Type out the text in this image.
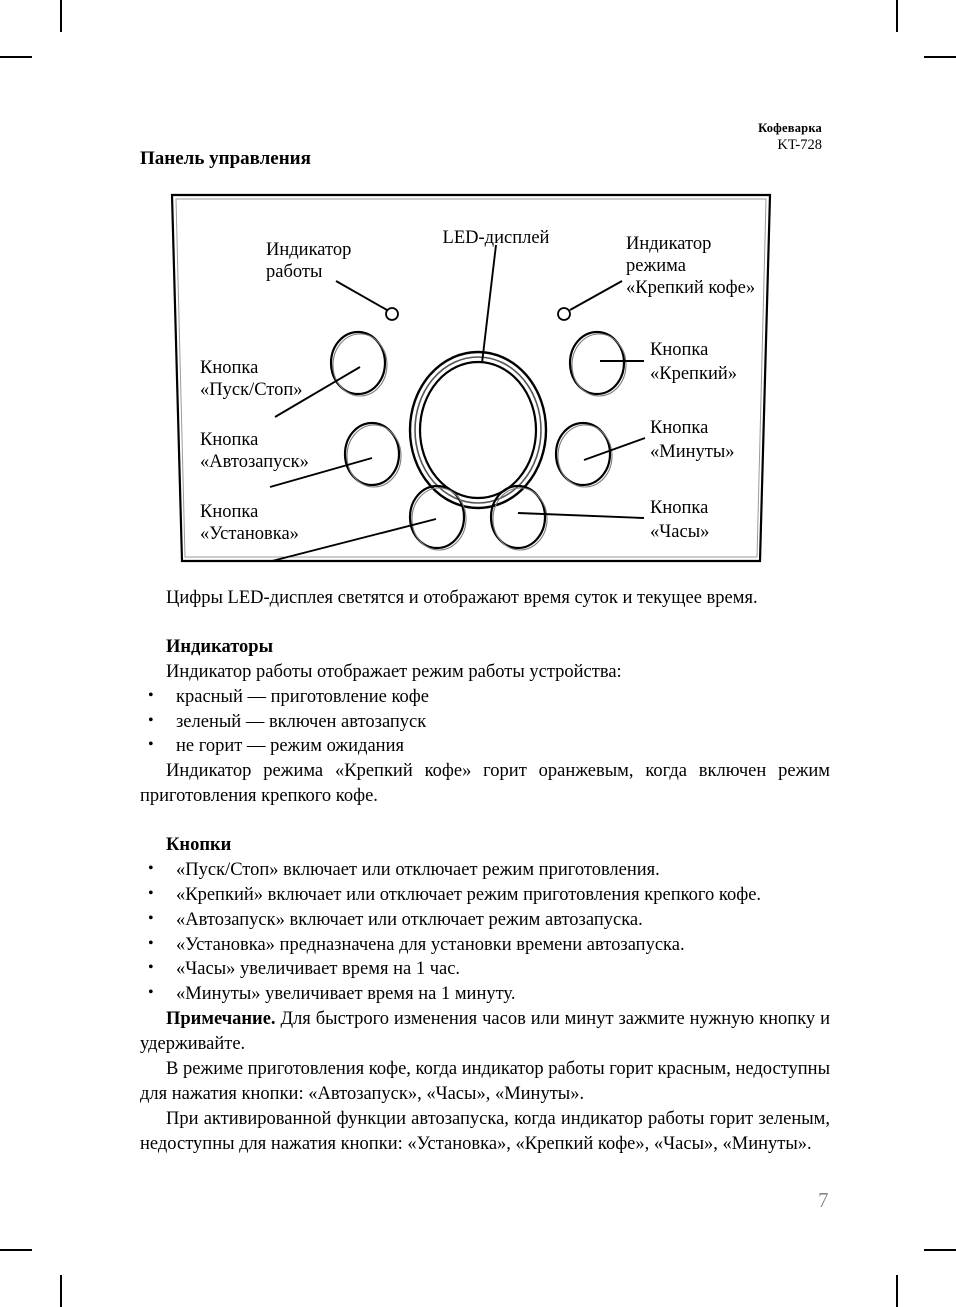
Кофеварка
KT-728
Панель управления
LED-дисплей
Индикатор
работы
Индикатор
режима
«Крепкий кофе»
Кнопка
«Пуск/Стоп»
Кнопка
«Автозапуск»
Кнопка
«Установка»
Кнопка
«Крепкий»
Кнопка
«Минуты»
Кнопка
«Часы»

Цифры LED-дисплея светятся и отображают время суток и текущее время.

Индикаторы

Индикатор работы отображает режим работы устройства:

• красный — приготовление кофе
• зеленый — включен автозапуск
• не горит — режим ожидания

Индикатор режима «Крепкий кофе» горит оранжевым, когда включен режим приготовления крепкого кофе.

Кнопки

• «Пуск/Стоп» включает или отключает режим приготовления.
• «Крепкий» включает или отключает режим приготовления крепкого кофе.
• «Автозапуск» включает или отключает режим автозапуска.
• «Установка» предназначена для установки времени автозапуска.
• «Часы» увеличивает время на 1 час.
• «Минуты» увеличивает время на 1 минуту.

Примечание. Для быстрого изменения часов или минут зажмите нужную кнопку и удерживайте.

В режиме приготовления кофе, когда индикатор работы горит красным, недоступны для нажатия кнопки: «Автозапуск», «Часы», «Минуты».

При активированной функции автозапуска, когда индикатор работы горит зеленым, недоступны для нажатия кнопки: «Установка», «Крепкий кофе», «Часы», «Минуты».

7
